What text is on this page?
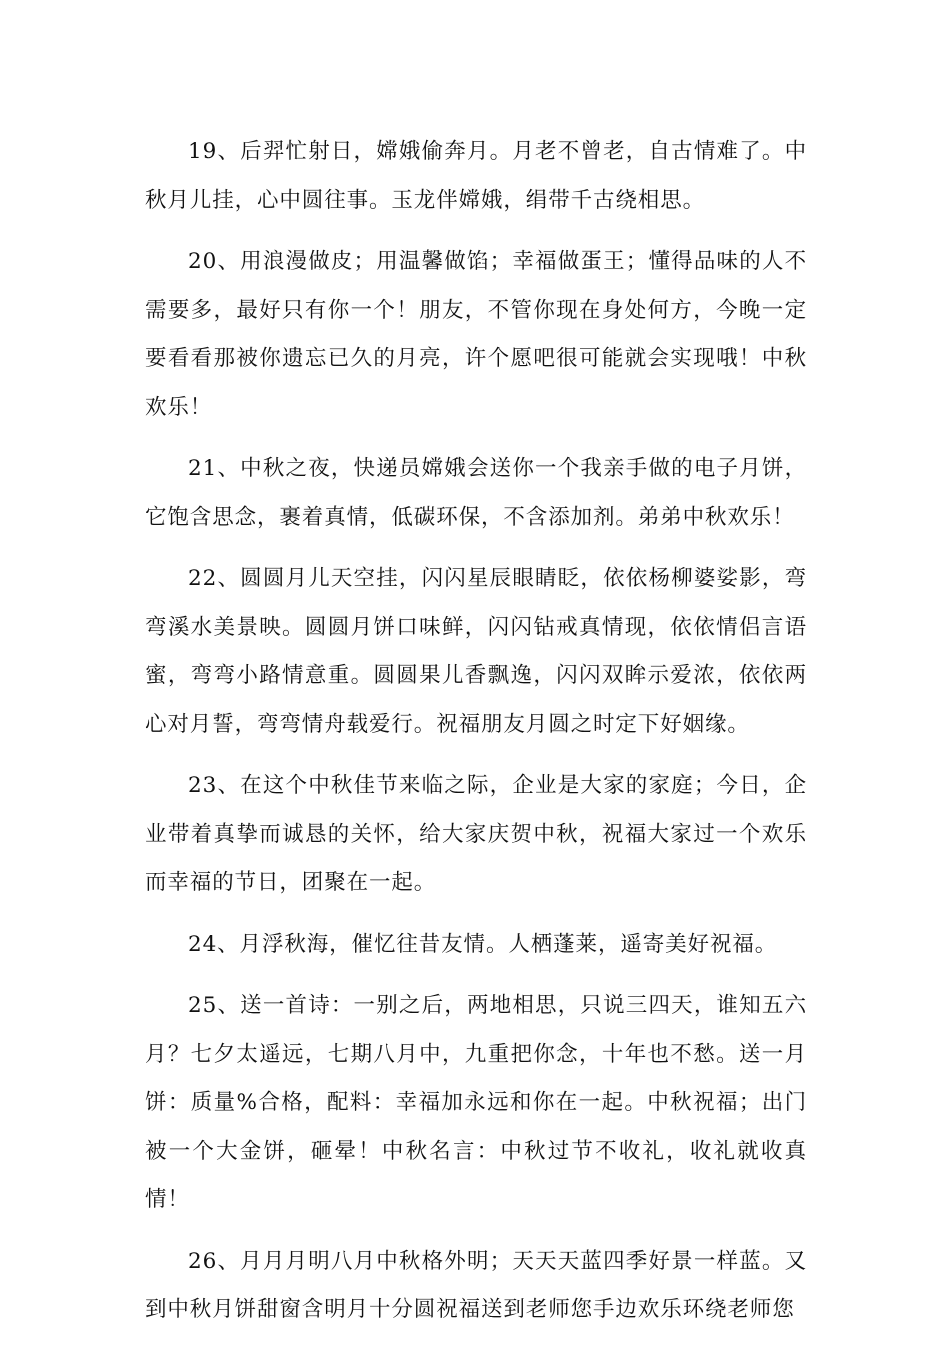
19、后羿忙射日，嫦娥偷奔月。月老不曾老，自古情难了。中秋月儿挂，心中圆往事。玉龙伴嫦娥，绢带千古绕相思。

20、用浪漫做皮；用温馨做馅；幸福做蛋王；懂得品味的人不需要多，最好只有你一个！朋友，不管你现在身处何方，今晚一定要看看那被你遗忘已久的月亮，许个愿吧很可能就会实现哦！中秋欢乐！

21、中秋之夜，快递员嫦娥会送你一个我亲手做的电子月饼，它饱含思念，裹着真情，低碳环保，不含添加剂。弟弟中秋欢乐！

22、圆圆月儿天空挂，闪闪星辰眼睛眨，依依杨柳婆娑影，弯弯溪水美景映。圆圆月饼口味鲜，闪闪钻戒真情现，依依情侣言语蜜，弯弯小路情意重。圆圆果儿香飘逸，闪闪双眸示爱浓，依依两心对月誓，弯弯情舟载爱行。祝福朋友月圆之时定下好姻缘。

23、在这个中秋佳节来临之际，企业是大家的家庭；今日，企业带着真挚而诚恳的关怀，给大家庆贺中秋，祝福大家过一个欢乐而幸福的节日，团聚在一起。

24、月浮秋海，催忆往昔友情。人栖蓬莱，遥寄美好祝福。

25、送一首诗：一别之后，两地相思，只说三四天，谁知五六月？七夕太遥远，七期八月中，九重把你念，十年也不愁。送一月饼：质量%合格，配料：幸福加永远和你在一起。中秋祝福；出门被一个大金饼，砸晕！中秋名言：中秋过节不收礼，收礼就收真情！

26、月月月明八月中秋格外明；天天天蓝四季好景一样蓝。又到中秋月饼甜窗含明月十分圆祝福送到老师您手边欢乐环绕老师您
